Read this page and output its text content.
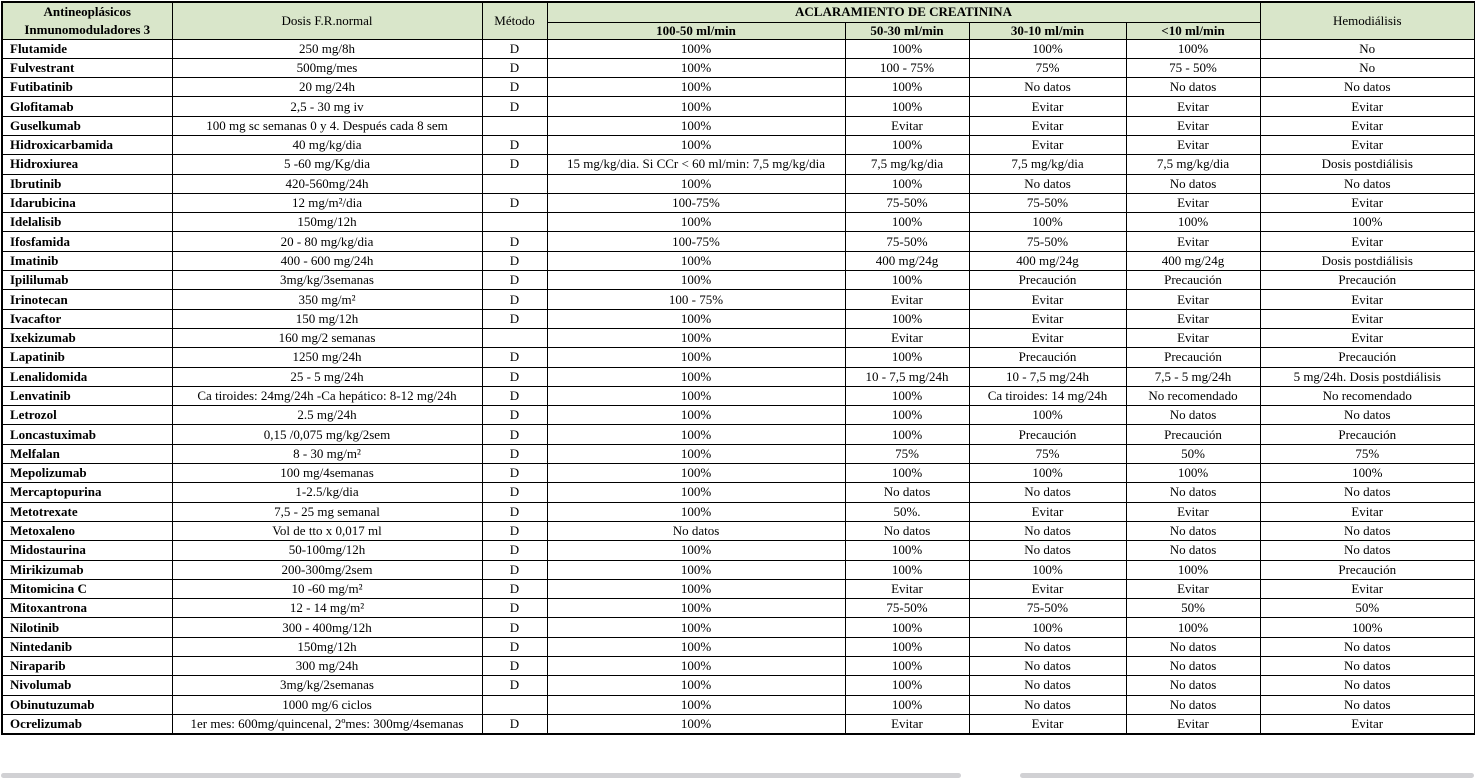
Antineoplásicos
Inmunomoduladores 3	Dosis F.R.normal	Método	ACLARAMIENTO DE CREATININA				Hemodiálisis
			100-50 ml/min	50-30 ml/min	30-10 ml/min	<10 ml/min	
Flutamide	250 mg/8h	D	100%	100%	100%	100%	No
Fulvestrant	500mg/mes	D	100%	100 - 75%	75%	75 - 50%	No
Futibatinib	20 mg/24h	D	100%	100%	No datos	No datos	No datos
Glofitamab	2,5 - 30 mg iv	D	100%	100%	Evitar	Evitar	Evitar
Guselkumab	100 mg sc semanas 0 y 4. Después cada 8 sem		100%	Evitar	Evitar	Evitar	Evitar
Hidroxicarbamida	40 mg/kg/dia	D	100%	100%	Evitar	Evitar	Evitar
Hidroxiurea	5 -60 mg/Kg/dia	D	15 mg/kg/dia. Si CCr < 60 ml/min: 7,5 mg/kg/dia	7,5 mg/kg/dia	7,5 mg/kg/dia	7,5 mg/kg/dia	Dosis postdiálisis
Ibrutinib	420-560mg/24h		100%	100%	No datos	No datos	No datos
Idarubicina	12 mg/m²/dia	D	100-75%	75-50%	75-50%	Evitar	Evitar
Idelalisib	150mg/12h		100%	100%	100%	100%	100%
Ifosfamida	20 - 80 mg/kg/dia	D	100-75%	75-50%	75-50%	Evitar	Evitar
Imatinib	400 - 600 mg/24h	D	100%	400 mg/24g	400 mg/24g	400 mg/24g	Dosis postdiálisis
Ipililumab	3mg/kg/3semanas	D	100%	100%	Precaución	Precaución	Precaución
Irinotecan	350 mg/m²	D	100 - 75%	Evitar	Evitar	Evitar	Evitar
Ivacaftor	150 mg/12h	D	100%	100%	Evitar	Evitar	Evitar
Ixekizumab	160 mg/2 semanas		100%	Evitar	Evitar	Evitar	Evitar
Lapatinib	1250 mg/24h	D	100%	100%	Precaución	Precaución	Precaución
Lenalidomida	25 - 5 mg/24h	D	100%	10 - 7,5 mg/24h	10 - 7,5 mg/24h	7,5 - 5 mg/24h	5 mg/24h. Dosis postdiálisis
Lenvatinib	Ca tiroides: 24mg/24h -Ca hepático: 8-12 mg/24h	D	100%	100%	Ca tiroides: 14 mg/24h	No recomendado	No recomendado
Letrozol	2.5 mg/24h	D	100%	100%	100%	No datos	No datos
Loncastuximab	0,15 /0,075 mg/kg/2sem	D	100%	100%	Precaución	Precaución	Precaución
Melfalan	8 - 30 mg/m²	D	100%	75%	75%	50%	75%
Mepolizumab	100 mg/4semanas	D	100%	100%	100%	100%	100%
Mercaptopurina	1-2.5/kg/dia	D	100%	No datos	No datos	No datos	No datos
Metotrexate	7,5 - 25 mg semanal	D	100%	50%.	Evitar	Evitar	Evitar
Metoxaleno	Vol de tto x 0,017 ml	D	No datos	No datos	No datos	No datos	No datos
Midostaurina	50-100mg/12h	D	100%	100%	No datos	No datos	No datos
Mirikizumab	200-300mg/2sem	D	100%	100%	100%	100%	Precaución
Mitomicina C	10 -60 mg/m²	D	100%	Evitar	Evitar	Evitar	Evitar
Mitoxantrona	12 - 14 mg/m²	D	100%	75-50%	75-50%	50%	50%
Nilotinib	300 - 400mg/12h	D	100%	100%	100%	100%	100%
Nintedanib	150mg/12h	D	100%	100%	No datos	No datos	No datos
Niraparib	300 mg/24h	D	100%	100%	No datos	No datos	No datos
Nivolumab	3mg/kg/2semanas	D	100%	100%	No datos	No datos	No datos
Obinutuzumab	1000 mg/6 ciclos		100%	100%	No datos	No datos	No datos
Ocrelizumab	1er mes: 600mg/quincenal, 2ºmes: 300mg/4semanas	D	100%	Evitar	Evitar	Evitar	Evitar
